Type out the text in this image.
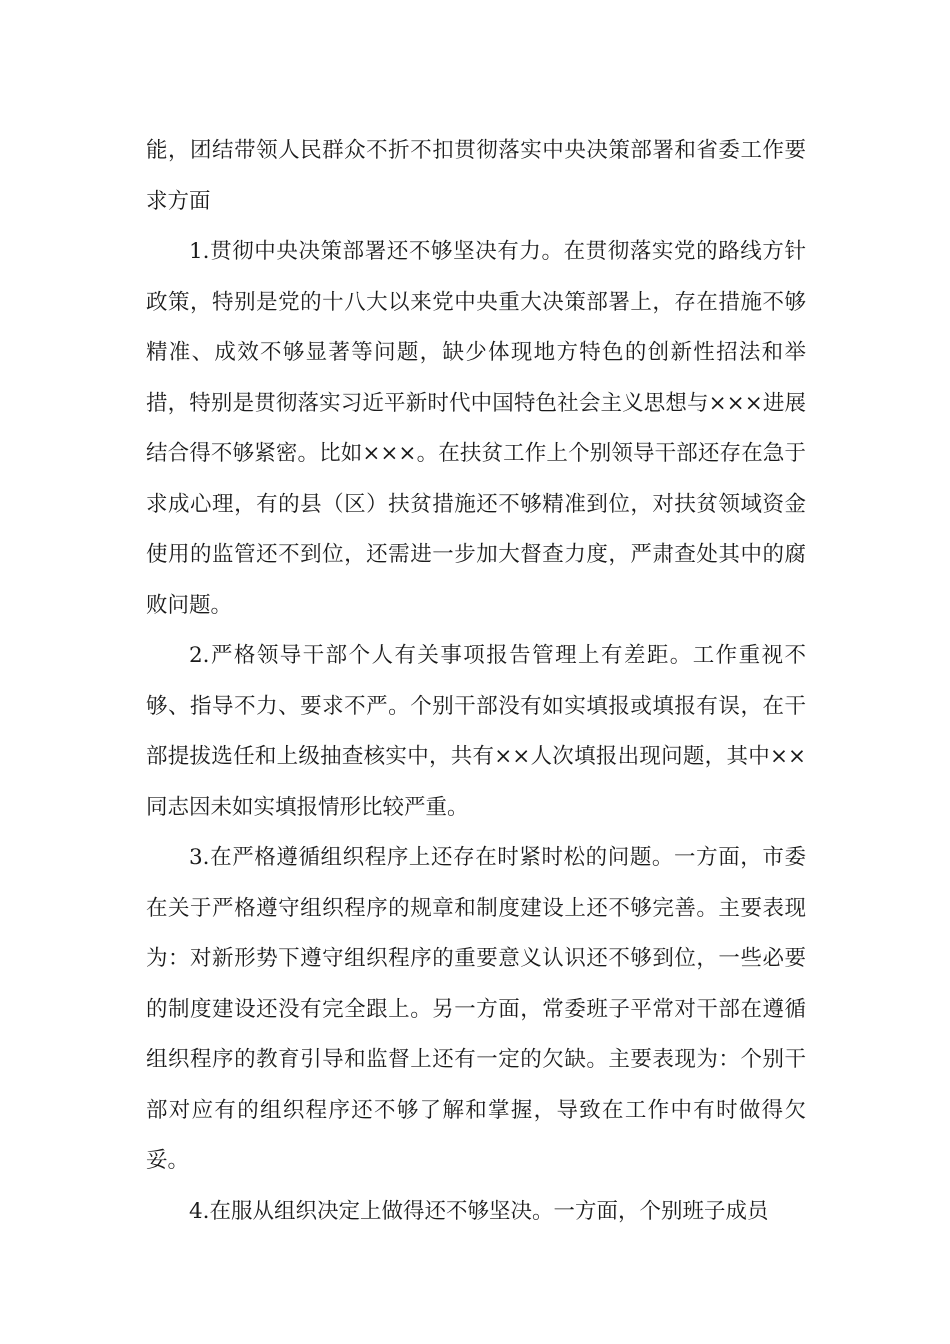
能，团结带领人民群众不折不扣贯彻落实中央决策部署和省委工作要求方面

1.贯彻中央决策部署还不够坚决有力。在贯彻落实党的路线方针政策，特别是党的十八大以来党中央重大决策部署上，存在措施不够精准、成效不够显著等问题，缺少体现地方特色的创新性招法和举措，特别是贯彻落实习近平新时代中国特色社会主义思想与×××进展结合得不够紧密。比如×××。在扶贫工作上个别领导干部还存在急于求成心理，有的县（区）扶贫措施还不够精准到位，对扶贫领域资金使用的监管还不到位，还需进一步加大督查力度，严肃查处其中的腐败问题。

2.严格领导干部个人有关事项报告管理上有差距。工作重视不够、指导不力、要求不严。个别干部没有如实填报或填报有误，在干部提拔选任和上级抽查核实中，共有××人次填报出现问题，其中××同志因未如实填报情形比较严重。

3.在严格遵循组织程序上还存在时紧时松的问题。一方面，市委在关于严格遵守组织程序的规章和制度建设上还不够完善。主要表现为：对新形势下遵守组织程序的重要意义认识还不够到位，一些必要的制度建设还没有完全跟上。另一方面，常委班子平常对干部在遵循组织程序的教育引导和监督上还有一定的欠缺。主要表现为：个别干部对应有的组织程序还不够了解和掌握，导致在工作中有时做得欠妥。

4.在服从组织决定上做得还不够坚决。一方面，个别班子成员
